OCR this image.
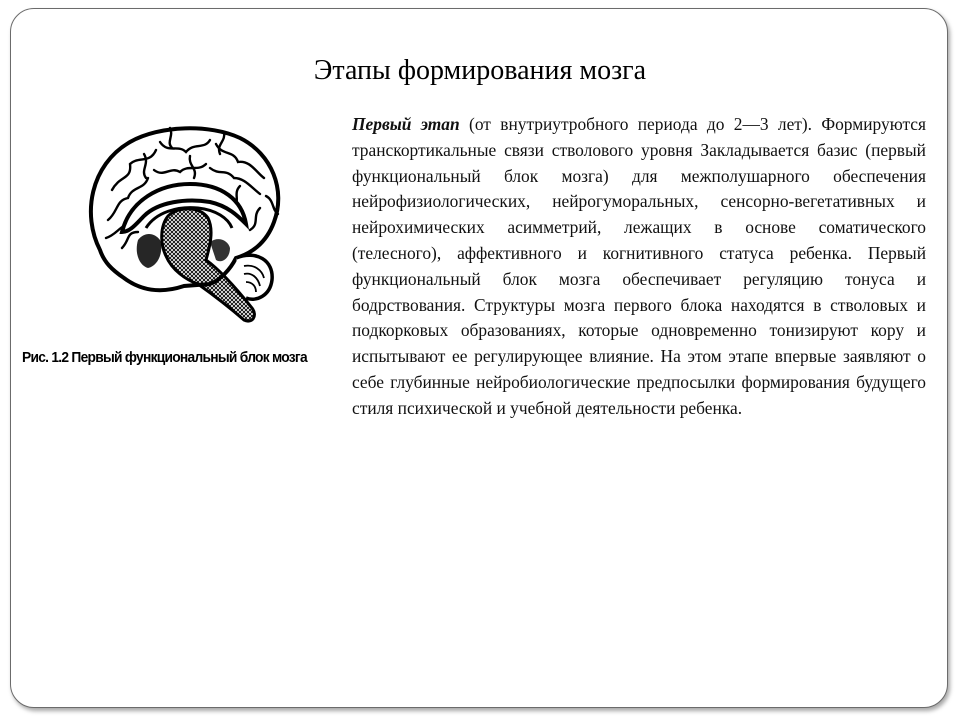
Этапы формирования мозга

Рис. 1.2 Первый функциональный блок мозга

Первый этап (от внутриутробного периода до 2—3 лет). Формируются транскортикальные связи стволового уровня Закладывается базис (первый функциональный блок мозга) для межполушарного обеспечения нейрофизиологических, нейрогуморальных, сенсорно-вегетативных и нейрохимических асимметрий, лежащих в основе соматического (телесного), аффективного и когнитивного статуса ребенка. Первый функциональный блок мозга обеспечивает регуляцию тонуса и бодрствования. Структуры мозга первого блока находятся в стволовых и подкорковых образованиях, которые одновременно тонизируют кору и испытывают ее регулирующее влияние. На этом этапе впервые заявляют о себе глубинные нейробиологические предпосылки формирования будущего стиля психической и учебной деятельности ребенка.
